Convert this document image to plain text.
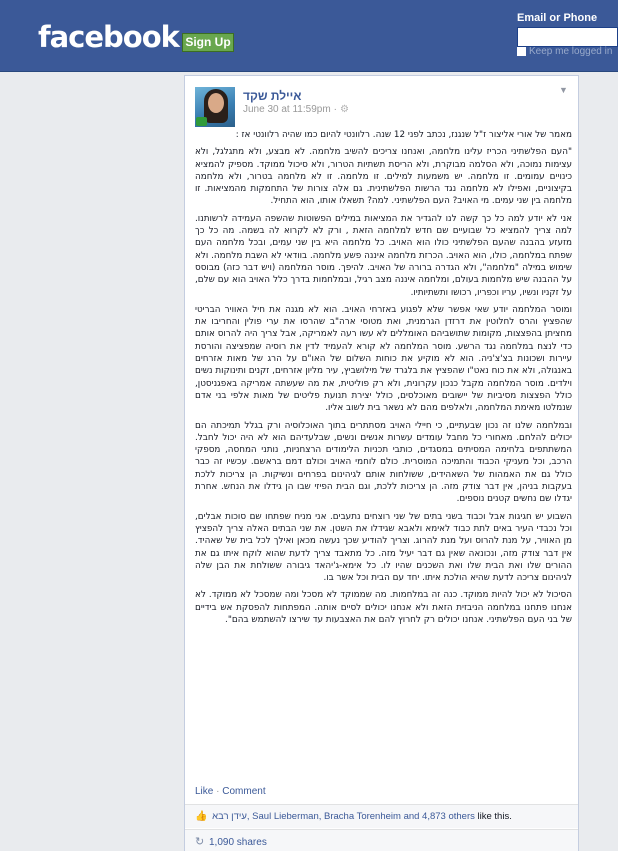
facebook Sign Up
Email or Phone
Keep me logged in
איילת שקד
June 30 at 11:59pm · ⚙
▼

מאמר של אורי אליצור ז"ל שנגנז, נכתב לפני 12 שנה. רלוונטי להיום כמו שהיה רלוונטי אז :

"העם הפלשתיני הכריז עלינו מלחמה, ואנחנו צריכים להשיב מלחמה. לא מבצע, ולא מתגלגל, ולא עצימות נמוכה, ולא הסלמה מבוקרת, ולא הריסת תשתיות הטרור, ולא סיכול ממוקד. מספיק להמציא כינויים עמומים. זו מלחמה. יש משמעות למילים. זו מלחמה. זו לא מלחמה בטרור, ולא מלחמה בקיצוניים, ואפילו לא מלחמה נגד הרשות הפלשתינית. גם אלה צורות של התחמקות מהמציאות. זו מלחמה בין שני עמים. מי האויב? העם הפלשתיני. למה? תשאלו אותו, הוא התחיל.

אני לא יודע למה כל כך קשה לנו להגדיר את המציאות במילים הפשוטות שהשפה העמידה לרשותנו. למה צריך להמציא כל שבועיים שם חדש למלחמה הזאת , ורק לא לקרוא לה בשמה. מה כל כך מזעזע בהבנה שהעם הפלשתיני כולו הוא האויב. כל מלחמה היא בין שני עמים, ובכל מלחמה העם שפתח במלחמה, כולו, הוא האויב. הכרזת מלחמה איננה פשע מלחמה. בוודאי לא השבת מלחמה. ולא שימוש במילה "מלחמה", ולא הגדרה ברורה של האויב. להיפך. מוסר המלחמה (ויש דבר כזה) מבוסס על ההבנה שיש מלחמות בעולם, ומלחמה איננה מצב רגיל, ובמלחמות בדרך כלל האויב הוא עם שלם, על זקניו ונשיו, עריו וכפריו, רכושו ותשתיותיו.

ומוסר המלחמה יודע שאי אפשר שלא לפגוע באזרחי האויב. הוא לא מגנה את חיל האוויר הבריטי שהפציץ והרס לחלוטין את דרזדן הגרמנית, ואת מטוסי ארה"ב שהרסו את ערי פולין והחריבו את מחציתן בהפצצות, מקומות שתושביהם האומללים לא עשו רעה לאמריקה, אבל צריך היה להרוס אותם כדי לנצח במלחמה נגד הרשע. מוסר המלחמה לא קורא להעמיד לדין את רוסיה שמפציצה והורסת עיירות ושכונות בצ'צ'ניה. הוא לא מוקיע את כוחות השלום של האו"ם על הרג של מאות אזרחים באנגולה, ולא את כוח נאט"ו שהפציץ את בלגרד של מילושביץ, עיר מליון אזרחים, זקנים ותינוקות נשים וילדים. מוסר המלחמה מקבל כנכון עקרונית, ולא רק פוליטית, את מה שעשתה אמריקה באפגניסטן, כולל הפצצות מסיביות של יישובים מאוכלסים, כולל יצירת תנועת פליטים של מאות אלפי בני אדם שנמלטו מאימת המלחמה, ולאלפים מהם לא נשאר בית לשוב אליו.

ובמלחמה שלנו זה נכון שבעתיים, כי חיילי האויב מסתתרים בתוך האוכלוסיה ורק בגלל תמיכתה הם יכולים להלחם. מאחורי כל מחבל עומדים עשרות אנשים ונשים, שבלעדיהם הוא לא היה יכול לחבל. המשתתפים בלחימה המסיתים במסגדים, כותבי תכניות הלימודים הרצחניות, נותני המחסה, מספקי הרכב, וכל מעניקי הכבוד והתמיכה המוסרית. כולם לוחמי האויב וכולם דמם בראשם. עכשיו זה כבר כולל גם את האמהות של השאהידים, ששולחות אותם לגיהינום בפרחים ונשיקות. הן צריכות ללכת בעקבות בניהן, אין דבר צודק מזה. הן צריכות ללכת, וגם הבית הפיזי שבו הן גידלו את הנחש. אחרת יגדלו שם נחשים קטנים נוספים.

השבוע יש חגיגות אבל וכבוד בשני בתים של שני רוצחים נתעבים. אני מניח שפתחו שם סוכות אבלים, וכל נכבדי העיר באים לתת כבוד לאימא ולאבא שגידלו את השטן. את שני הבתים האלה צריך להפציץ מן האוויר, על מנת להרוס ועל מנת להרוג. וצריך להודיע שכך נעשה מכאן ואילך לכל בית של שאהיד. אין דבר צודק מזה, ונכונאה שאין גם דבר יעיל מזה. כל מתאבד צריך לדעת שהוא לוקח איתו גם את ההורים שלו ואת הבית שלו ואת השכנים שהיו לו. כל אימא-ג'יהאד גיבורה ששולחת את הבן שלה לגיהינום צריכה לדעת שהיא הולכת איתו. יחד עם הבית וכל אשר בו.

הסיכול לא יכול להיות ממוקד. כנה זה במלחמות. מה שממוקד לא מסכל ומה שמסכל לא ממוקד. לא אנחנו פתחנו במלחמה הניבזית הזאת ולא אנחנו יכולים לסיים אותה. המפתחות להפסקת אש בידיים של בני העם הפלשתיני. אנחנו יכולים רק לחרוץ להם את האצבעות עד שירצו להשתמש בהם".

Like · Comment
👍 עידן רבא, Saul Lieberman, Bracha Torenheim and 4,873 others like this.
↻ 1,090 shares
